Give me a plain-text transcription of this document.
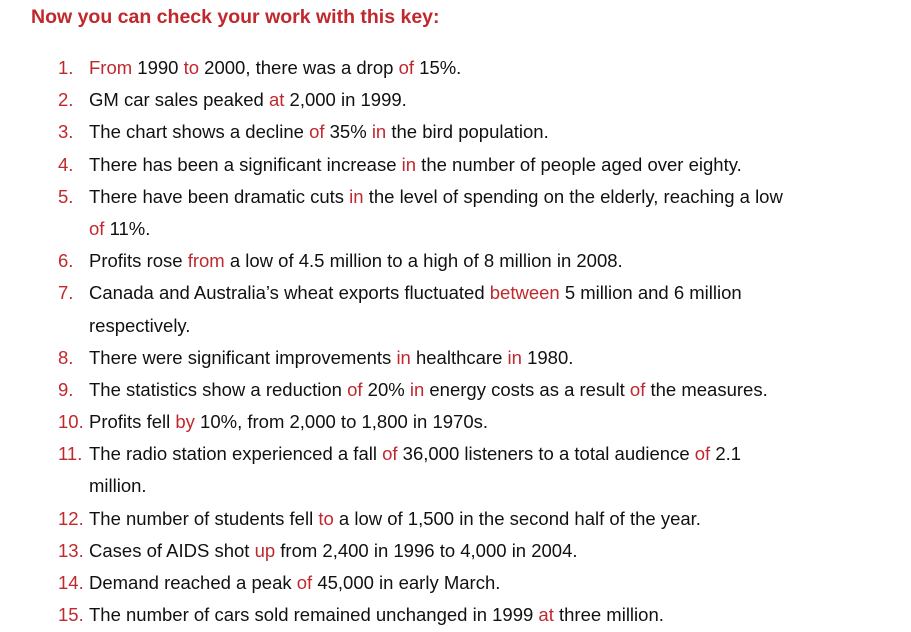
Now you can check your work with this key:
1. From 1990 to 2000, there was a drop of 15%.
2. GM car sales peaked at 2,000 in 1999.
3. The chart shows a decline of 35% in the bird population.
4. There has been a significant increase in the number of people aged over eighty.
5. There have been dramatic cuts in the level of spending on the elderly, reaching a low
of 11%.
6. Profits rose from a low of 4.5 million to a high of 8 million in 2008.
7. Canada and Australia’s wheat exports fluctuated between 5 million and 6 million
respectively.
8. There were significant improvements in healthcare in 1980.
9. The statistics show a reduction of 20% in energy costs as a result of the measures.
10. Profits fell by 10%, from 2,000 to 1,800 in 1970s.
11. The radio station experienced a fall of 36,000 listeners to a total audience of 2.1
million.
12. The number of students fell to a low of 1,500 in the second half of the year.
13. Cases of AIDS shot up from 2,400 in 1996 to 4,000 in 2004.
14. Demand reached a peak of 45,000 in early March.
15. The number of cars sold remained unchanged in 1999 at three million.
